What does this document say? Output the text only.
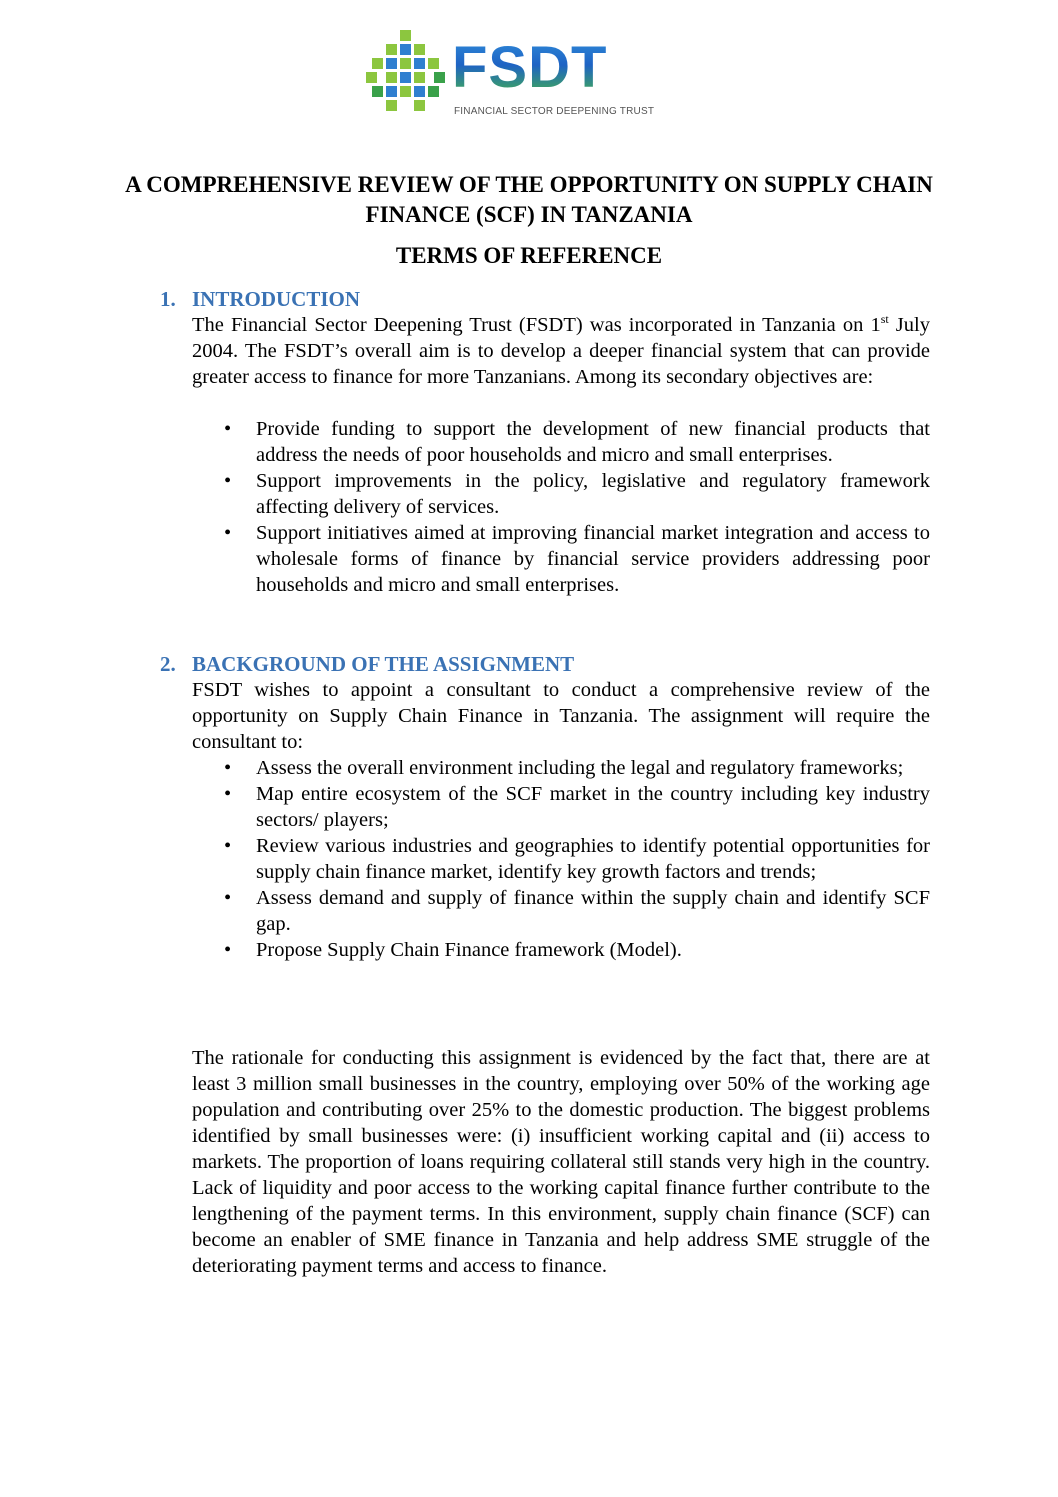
FSDT
FINANCIAL SECTOR DEEPENING TRUST
A COMPREHENSIVE REVIEW OF THE OPPORTUNITY ON SUPPLY CHAIN FINANCE (SCF) IN TANZANIA
TERMS OF REFERENCE
1. INTRODUCTION

The Financial Sector Deepening Trust (FSDT) was incorporated in Tanzania on 1st July 2004. The FSDT’s overall aim is to develop a deeper financial system that can provide greater access to finance for more Tanzanians. Among its secondary objectives are:

• Provide funding to support the development of new financial products that address the needs of poor households and micro and small enterprises.
• Support improvements in the policy, legislative and regulatory framework affecting delivery of services.
• Support initiatives aimed at improving financial market integration and access to wholesale forms of finance by financial service providers addressing poor households and micro and small enterprises.
2. BACKGROUND OF THE ASSIGNMENT

FSDT wishes to appoint a consultant to conduct a comprehensive review of the opportunity on Supply Chain Finance in Tanzania. The assignment will require the consultant to:

• Assess the overall environment including the legal and regulatory frameworks;
• Map entire ecosystem of the SCF market in the country including key industry sectors/ players;
• Review various industries and geographies to identify potential opportunities for supply chain finance market, identify key growth factors and trends;
• Assess demand and supply of finance within the supply chain and identify SCF gap.
• Propose Supply Chain Finance framework (Model).

The rationale for conducting this assignment is evidenced by the fact that, there are at least 3 million small businesses in the country, employing over 50% of the working age population and contributing over 25% to the domestic production. The biggest problems identified by small businesses were: (i) insufficient working capital and (ii) access to markets. The proportion of loans requiring collateral still stands very high in the country. Lack of liquidity and poor access to the working capital finance further contribute to the lengthening of the payment terms. In this environment, supply chain finance (SCF) can become an enabler of SME finance in Tanzania and help address SME struggle of the deteriorating payment terms and access to finance.
